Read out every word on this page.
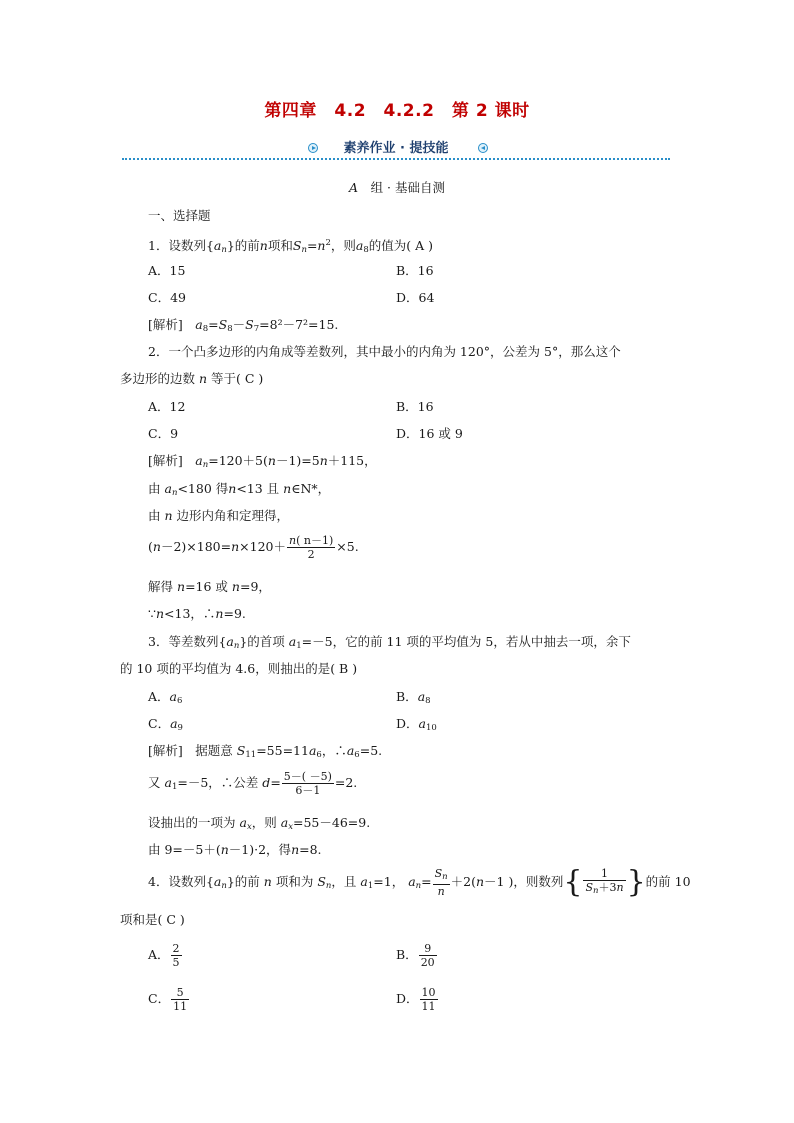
第四章　4.2　4.2.2　第 2 课时
素养作业 · 提技能
A　 组 · 基础自测
一、选择题
1．设数列$\{a_n\}$的前n项和$S_n=n^2$，则$a_8$的值为( A )
A．15	B．16
C．49	D．64
[解析]　 $a_8=S_8-S_7=8^2-7^2=15$.
2．一个凸多边形的内角成等差数列，其中最小的内角为 120°，公差为 5°，那么这个
多边形的边数 n 等于( C )
A．12	B．16
C．9	D．16 或 9
[解析]　 $a_n=120+5(n-1)=5n+115$，
由 $a_n<180$ 得n<13 且 n∈N*，
由 n 边形内角和定理得，
$(n-2)\times 180=n\times 120+ \frac{n( n-1)}{2} \times 5$.
解得 n=16 或 n=9，
∵n<13，∴n=9.
3．等差数列$\{a_n\}$的首项 $a_1=-5$，它的前 11 项的平均值为 5，若从中抽去一项，余下
的 10 项的平均值为 4.6，则抽出的是( B )
A．$a_6$	B．$a_8$
C．$a_9$	D．$a_{10}$
[解析]　 据题意 $S_{11}=55=11a_6$，$\therefore a_6=5$.
又 $a_1=-5$，∴公差 $d= \frac{5-( -5)}{6-1} =2$.
设抽出的一项为 $a_x$，则 $a_x=55-46=9$.
由 9=－5＋(n－1)·2，得n=8.
4．设数列$\{a_n\}$的前 n 项和为 $S_n$，且 $a_1=1$， $a_n= \frac{S_n}{n} +2(n-1$ )，则数列{ $\frac{1}{S_n+3n}$ }的前 10
项和是( C )
A． $\frac{2}{5}$	B． $\frac{9}{20}$
C． $\frac{5}{11}$	D． $\frac{10}{11}$
